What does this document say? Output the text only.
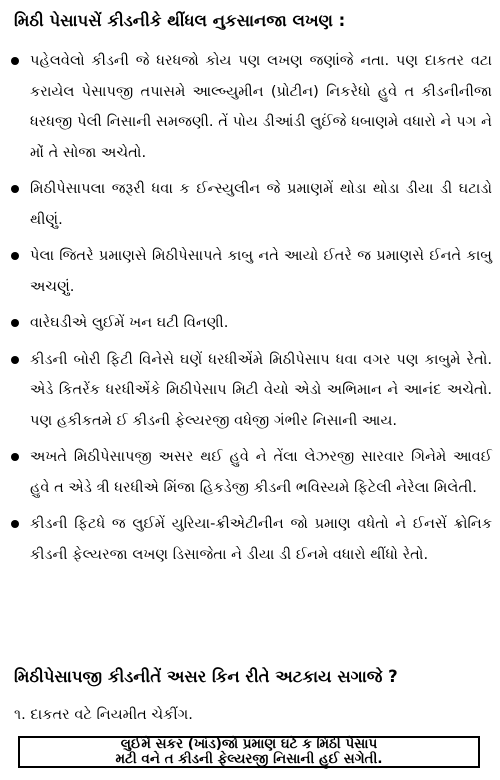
મિઠી પેસાપસેં કીડનીકે થીંધલ નુકસાનજા લખણ :
પહેલવેલો કીડની જે ધરધજો કોય પણ લખણ જણાંજે નતા. પણ દાકતર વટા કરાયેલ પેસાપજી તપાસમે આલ્બ્યુમીન (પ્રોટીન) નિકરેધો હુવે ત કીડનીનીજા ધરધજી પેલી નિસાની સમજણી. તેં પોય ડીઆંડી લુઈંજે ધબાણમે વધારો ને પગ ને મોં તે સોજા અચેતો.
મિઠીપેસાપલા જરૂરી ધવા ક ઈન્સ્યુલીન જે પ્રમાણમેં થોડા થોડા ડીયા ડી ઘટાડો થીણું.
પેલા જિતરે પ્રમાણસે મિઠીપેસાપતે કાબુ નતે આયો ઈતરે જ પ્રમાણસે ઈનતે કાબુ અચણું.
વારેઘડીએ લુઈમેં ખન ઘટી વિનણી.
કીડની બોરી ફિટી વિનેસે ઘણેં ધરધીએંમે મિઠીપેસાપ ધવા વગર પણ કાબુમે રેતો. એડે કિતરેંક ધરધીએંકે મિઠીપેસાપ મિટી વેયો એડો અભિમાન ને આનંદ અચેતો. પણ હકીકતમે ઈ કીડની ફેલ્યરજી વધેજી ગંભીર નિસાની આય.
અખતે મિઠીપેસાપજી અસર થઈ હુવે ને તેંલા લેઝરજી સારવાર ગિનેમે આવઈ હુવે ત એડે ત્રી ધરધીએ મિંજા હિકડેજી કીડની ભવિસ્યમે ફિટેલી નેરેલા મિલેતી.
કીડની ફિટધે જ લુઈમેં યુરિયા-ક્રીએટીનીન જો પ્રમાણ વધેતો ને ઈનસેં ક્રોનિક કીડની ફેલ્યરજા લખણ ડિસાજેતા ને ડીયા ડી ઈનમે વધારો થીંધો રેતો.
મિઠીપેસાપજી કીડનીતેં અસર કિન રીતે અટકાય સગાજે ?
૧. દાકતર વટે નિયમીત ચેકીંગ.
લુઈમેં સકર (ખાંડ)જો પ્રમાણ ઘટે ક મિઠી પેસાપ
મટી વને ત કીડની ફેલ્યરજી નિસાની હુઈ સગેતી.
